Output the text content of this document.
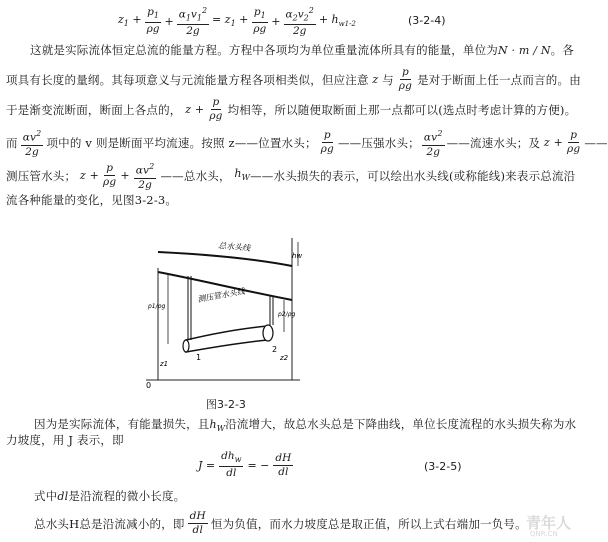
$z_1 + \frac{p_1}{\rho g} + \frac{\alpha_1v_1^2}{2g} = z_1 + \frac{p_1}{\rho g} + \frac{\alpha_2v_2^2}{2g} + h_{w1-2}$	(3-2-4)
这就是实际流体恒定总流的能量方程。方程中各项均为单位重量流体所具有的能量，单位为N · m / N。各
项具有长度的量纲。其每项意义与元流能量方程各项相类似，但应注意 z 与 $\frac{p}{\rho g}$ 是对于断面上任一点而言的。由
于是渐变流断面，断面上各点的， $z + \frac{p}{\rho g}$ 均相等，所以随便取断面上那一点都可以(选点时考虑计算的方便)。
而 $\frac{\alpha v^2}{2g}$ 项中的 v 则是断面平均流速。按照 z——位置水头； $\frac{p}{\rho g}$ ——压强水头； $\frac{\alpha v^2}{2g}$ ——流速水头；及 $z + \frac{p}{\rho g}$ ——
测压管水头； $z + \frac{p}{\rho g} + \frac{\alpha v^2}{2g}$ ——总水头， $h_W$ ——水头损失的表示，可以绘出水头线(或称能线)来表示总流沿
流各种能量的变化，见图3-2-3。
总水头线
测压管水头线
1
2
0
hw
p1/ρg
p2/ρg
z1
z2
图3-2-3
因为是实际流体，有能量损失，且$h_W$沿流增大，故总水头总是下降曲线，单位长度流程的水头损失称为水
力坡度，用 J 表示，即
$J = \frac{dh_w}{dl}$ = − $\frac{dH}{dl}$	(3-2-5)
式中dl是沿流程的微小长度。
总水头H总是沿流减小的，即 $\frac{dH}{dl}$ 恒为负值，而水力坡度总是取正值，所以上式右端加一负号。 青年人
QNR.CN
